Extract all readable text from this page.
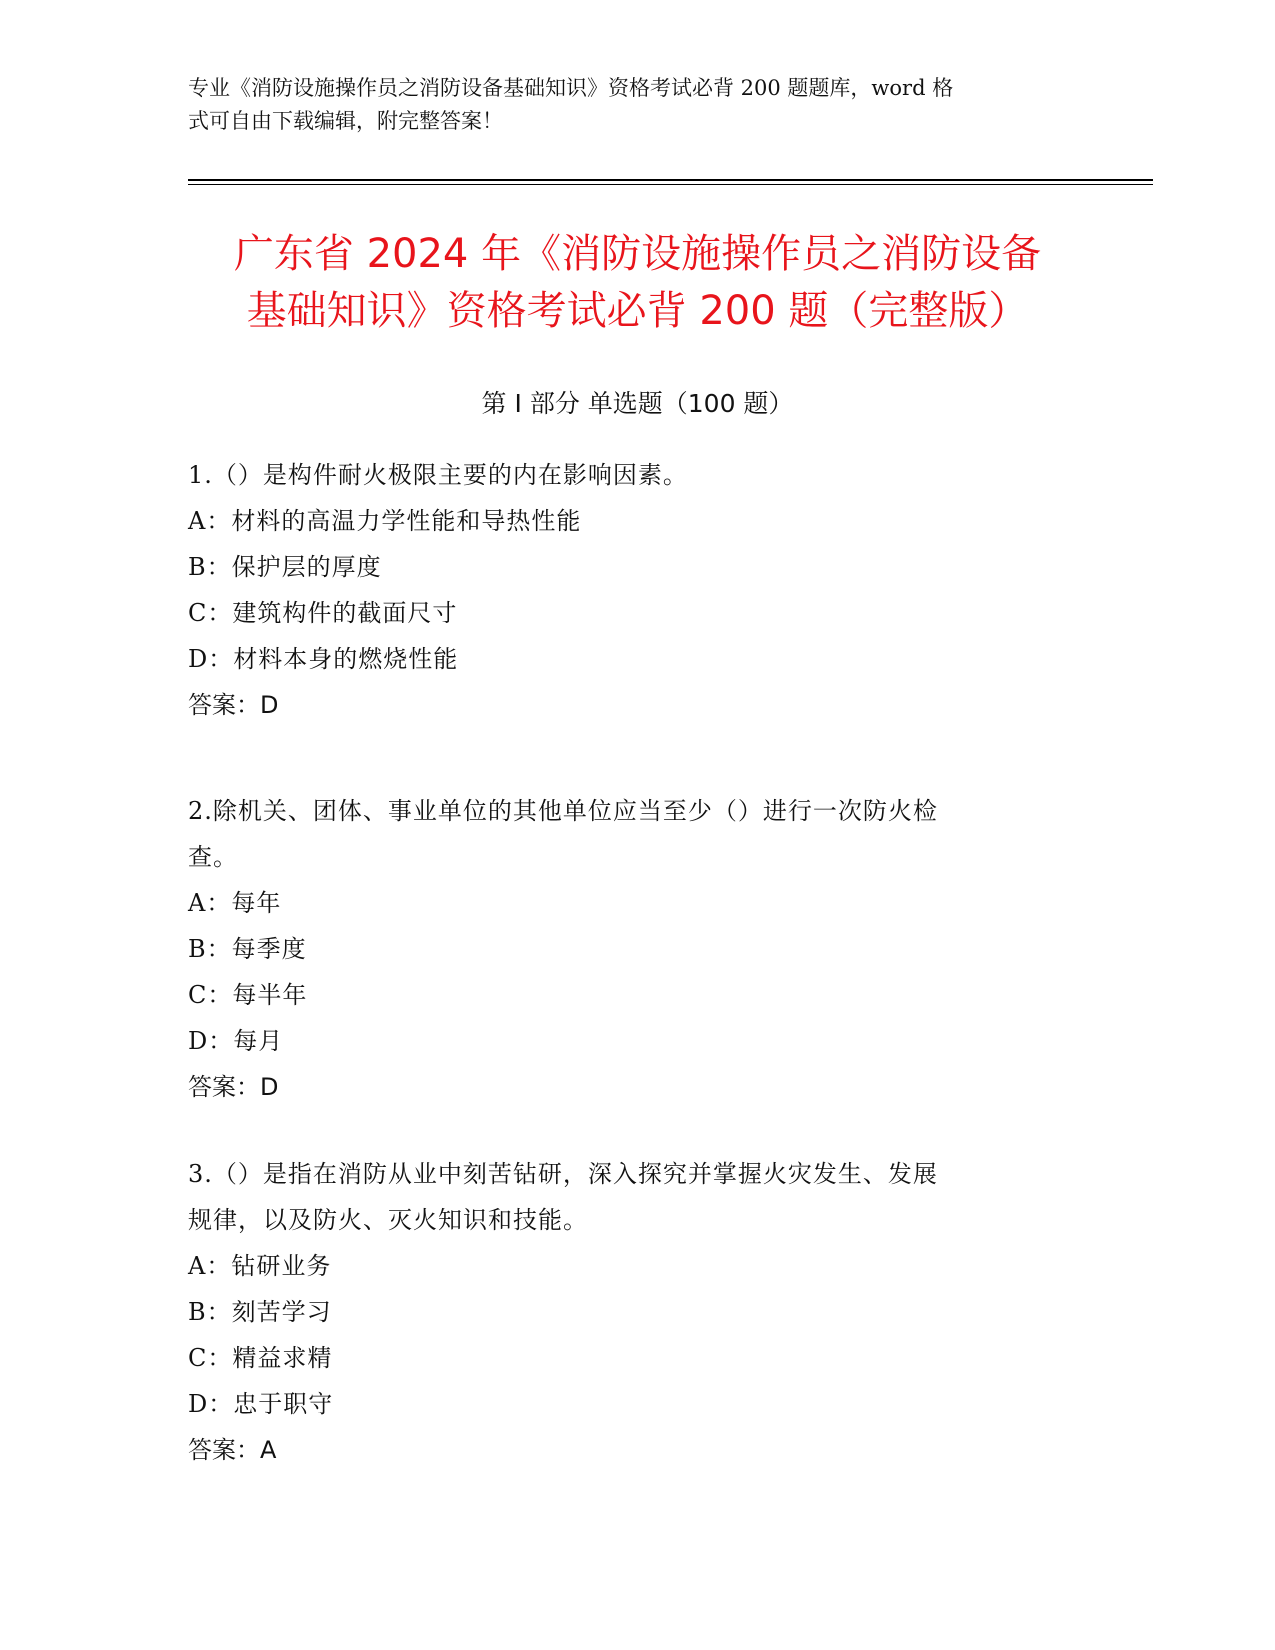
专业《消防设施操作员之消防设备基础知识》资格考试必背 200 题题库，word 格

式可自由下载编辑，附完整答案！

广东省 2024 年《消防设施操作员之消防设备

基础知识》资格考试必背 200 题（完整版）

第 I 部分 单选题（100 题）

1.（）是构件耐火极限主要的内在影响因素。

A：材料的高温力学性能和导热性能

B：保护层的厚度

C：建筑构件的截面尺寸

D：材料本身的燃烧性能

答案：D

2.除机关、团体、事业单位的其他单位应当至少（）进行一次防火检

查。

A：每年

B：每季度

C：每半年

D：每月

答案：D

3.（）是指在消防从业中刻苦钻研，深入探究并掌握火灾发生、发展

规律，以及防火、灭火知识和技能。

A：钻研业务

B：刻苦学习

C：精益求精

D：忠于职守

答案：A
